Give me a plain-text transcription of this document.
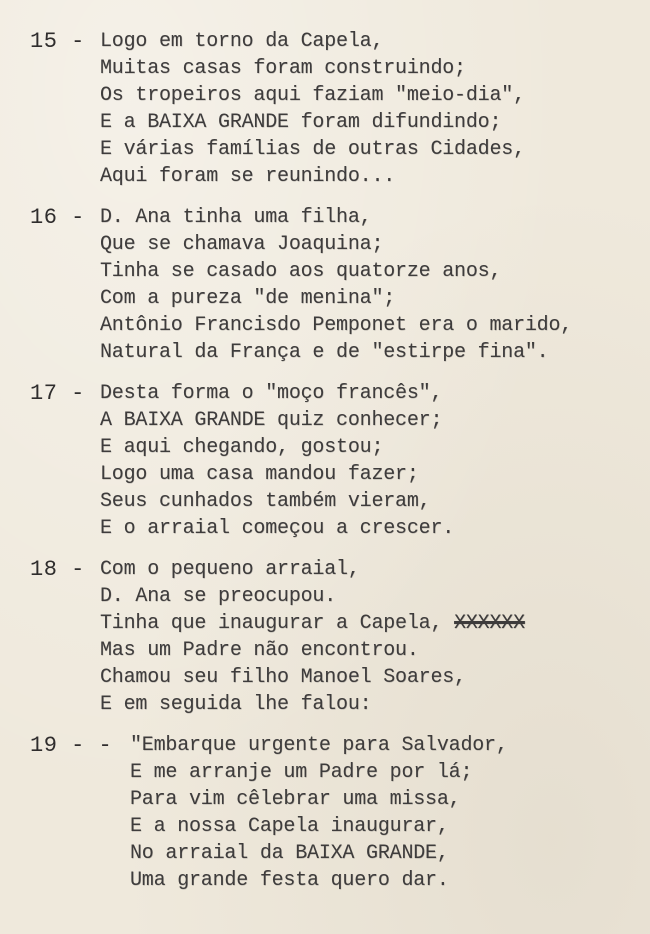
15 - Logo em torno da Capela,
Muitas casas foram construindo;
Os tropeiros aqui faziam "meio-dia",
E a BAIXA GRANDE foram difundindo;
E várias famílias de outras Cidades,
Aqui foram se reunindo...
16 - D. Ana tinha uma filha,
Que se chamava Joaquina;
Tinha se casado aos quatorze anos,
Com a pureza "de menina";
Antônio Francisdo Pemponet era o marido,
Natural da França e de "estirpe fina".
17 - Desta forma o "moço francês",
A BAIXA GRANDE quiz conhecer;
E aqui chegando, gostou;
Logo uma casa mandou fazer;
Seus cunhados também vieram,
E o arraial começou a crescer.
18 - Com o pequeno arraial,
D. Ana se preocupou.
Tinha que inaugurar a Capela, XXXXXX
Mas um Padre não encontrou.
Chamou seu filho Manoel Soares,
E em seguida lhe falou:
19 - - "Embarque urgente para Salvador,
E me arranje um Padre por lá;
Para vim cêlebrar uma missa,
E a nossa Capela inaugurar,
No arraial da BAIXA GRANDE,
Uma grande festa quero dar.
